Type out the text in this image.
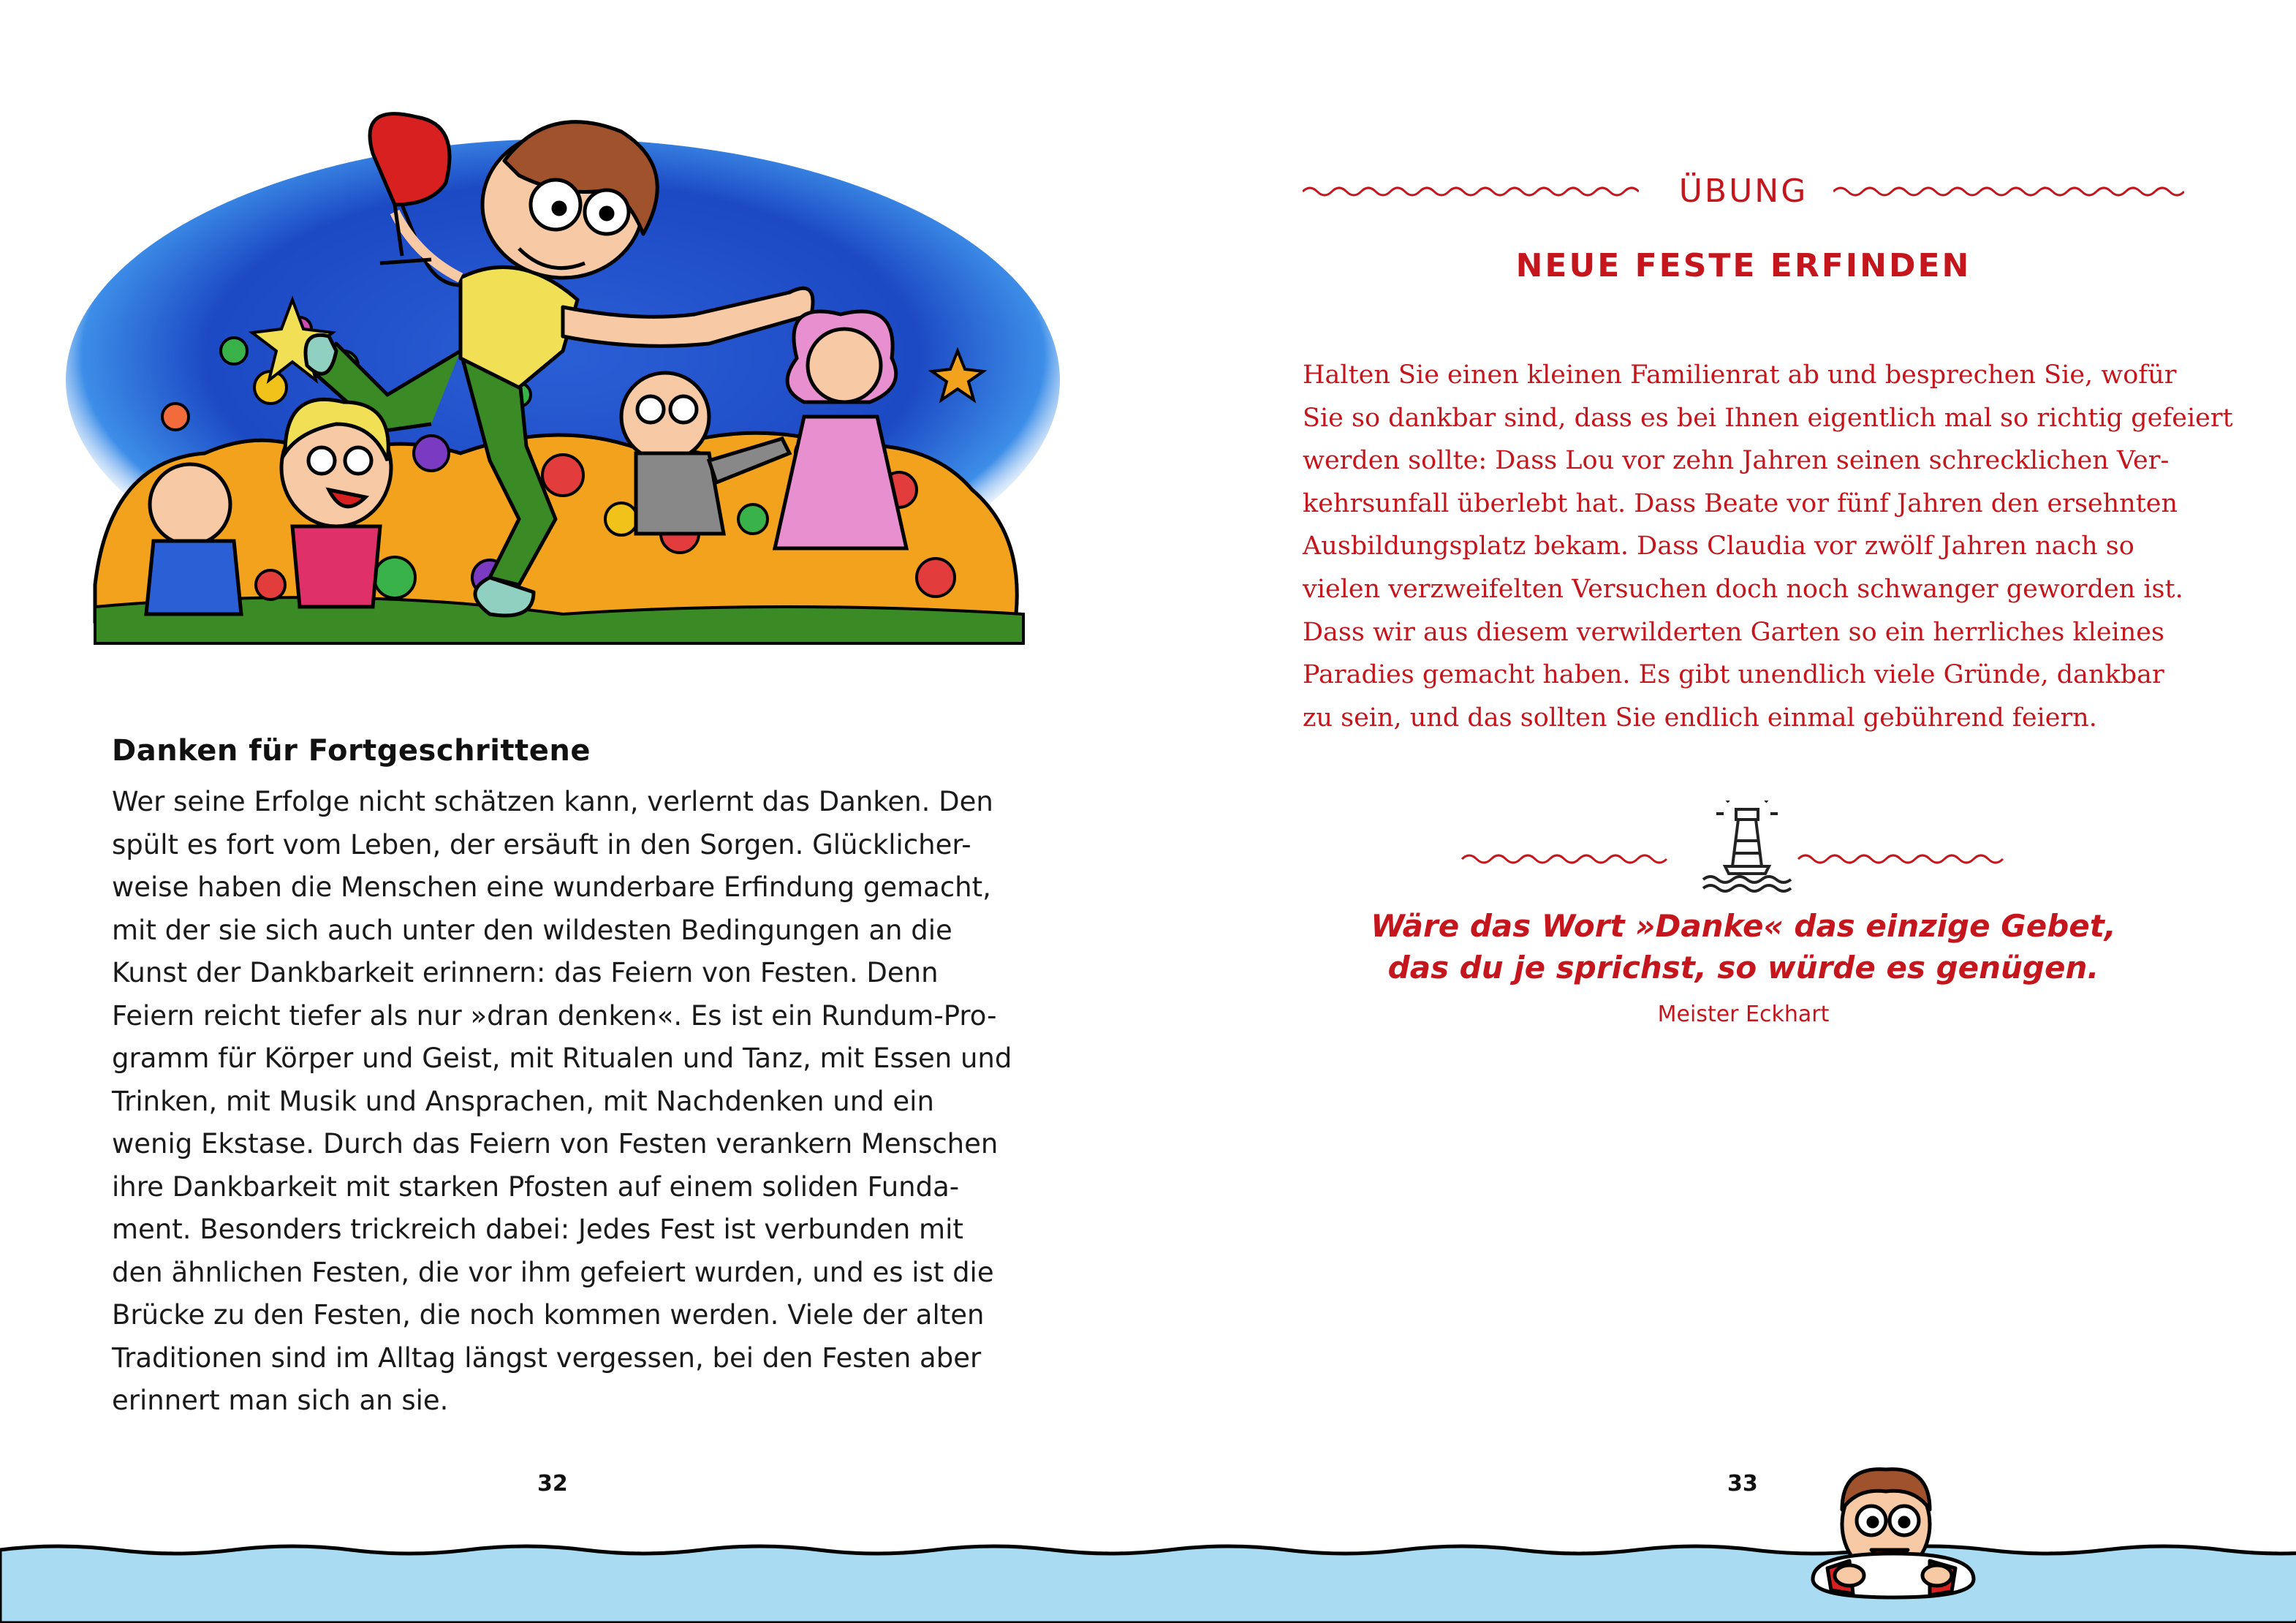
Danken für Fortgeschrittene
Wer seine Erfolge nicht schätzen kann, verlernt das Danken. Den
spült es fort vom Leben, der ersäuft in den Sorgen. Glücklicher-
weise haben die Menschen eine wunderbare Erfindung gemacht,
mit der sie sich auch unter den wildesten Bedingungen an die
Kunst der Dankbarkeit erinnern: das Feiern von Festen. Denn
Feiern reicht tiefer als nur »dran denken«. Es ist ein Rundum-Pro-
gramm für Körper und Geist, mit Ritualen und Tanz, mit Essen und
Trinken, mit Musik und Ansprachen, mit Nachdenken und ein
wenig Ekstase. Durch das Feiern von Festen verankern Menschen
ihre Dankbarkeit mit starken Pfosten auf einem soliden Funda-
ment. Besonders trickreich dabei: Jedes Fest ist verbunden mit
den ähnlichen Festen, die vor ihm gefeiert wurden, und es ist die
Brücke zu den Festen, die noch kommen werden. Viele der alten
Traditionen sind im Alltag längst vergessen, bei den Festen aber
erinnert man sich an sie.
32
ÜBUNG
NEUE FESTE ERFINDEN
Halten Sie einen kleinen Familienrat ab und besprechen Sie, wofür
Sie so dankbar sind, dass es bei Ihnen eigentlich mal so richtig gefeiert
werden sollte: Dass Lou vor zehn Jahren seinen schrecklichen Ver-
kehrsunfall überlebt hat. Dass Beate vor fünf Jahren den ersehnten
Ausbildungsplatz bekam. Dass Claudia vor zwölf Jahren nach so
vielen verzweifelten Versuchen doch noch schwanger geworden ist.
Dass wir aus diesem verwilderten Garten so ein herrliches kleines
Paradies gemacht haben. Es gibt unendlich viele Gründe, dankbar
zu sein, und das sollten Sie endlich einmal gebührend feiern.
Wäre das Wort »Danke« das einzige Gebet,
das du je sprichst, so würde es genügen.
Meister Eckhart
33
